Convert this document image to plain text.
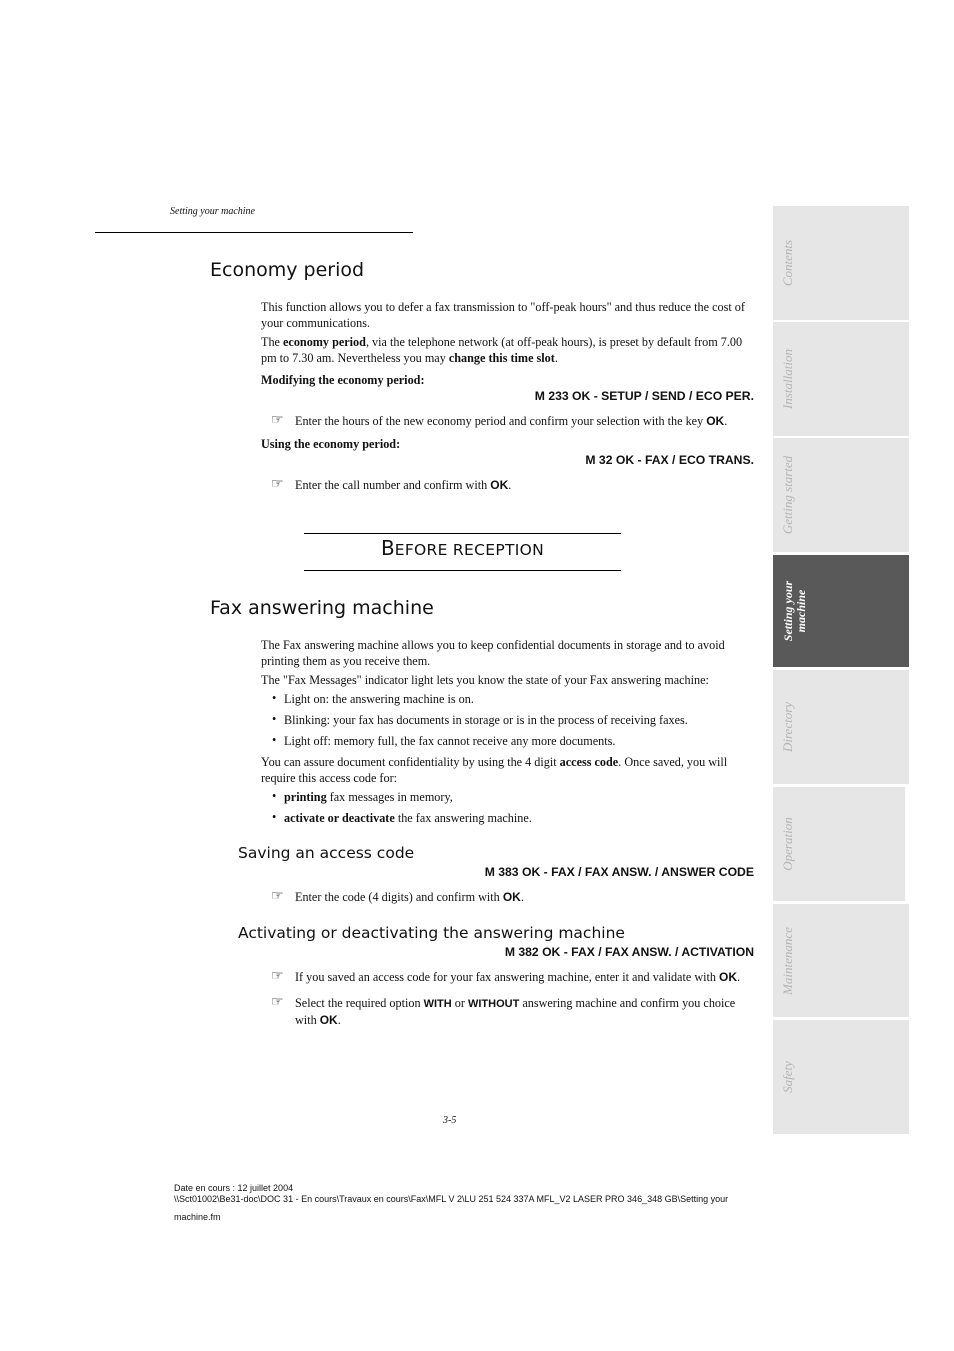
Setting your machine
Economy period
This function allows you to defer a fax transmission to "off-peak hours" and thus reduce the cost of your communications.
The economy period, via the telephone network (at off-peak hours), is preset by default from 7.00 pm to 7.30 am. Nevertheless you may change this time slot.
Modifying the economy period:
M 233 OK - SETUP / SEND / ECO PER.
☞ Enter the hours of the new economy period and confirm your selection with the key OK.
Using the economy period:
M 32 OK - FAX / ECO TRANS.
☞ Enter the call number and confirm with OK.
BEFORE RECEPTION
Fax answering machine
The Fax answering machine allows you to keep confidential documents in storage and to avoid printing them as you receive them.
The "Fax Messages" indicator light lets you know the state of your Fax answering machine:
• Light on: the answering machine is on.
• Blinking: your fax has documents in storage or is in the process of receiving faxes.
• Light off: memory full, the fax cannot receive any more documents.
You can assure document confidentiality by using the 4 digit access code. Once saved, you will require this access code for:
• printing fax messages in memory,
• activate or deactivate the fax answering machine.
Saving an access code
M 383 OK - FAX / FAX ANSW. / ANSWER CODE
☞ Enter the code (4 digits) and confirm with OK.
Activating or deactivating the answering machine
M 382 OK - FAX / FAX ANSW. / ACTIVATION
☞ If you saved an access code for your fax answering machine, enter it and validate with OK.
☞ Select the required option WITH or WITHOUT answering machine and confirm you choice with OK.
Contents
Installation
Getting started
Setting your machine
Directory
Operation
Maintenance
Safety
3-5
Date en cours : 12 juillet 2004
\\Sct01002\Be31-doc\DOC 31 - En cours\Travaux en cours\Fax\MFL V 2\LU 251 524 337A MFL_V2 LASER PRO 346_348 GB\Setting your
machine.fm
